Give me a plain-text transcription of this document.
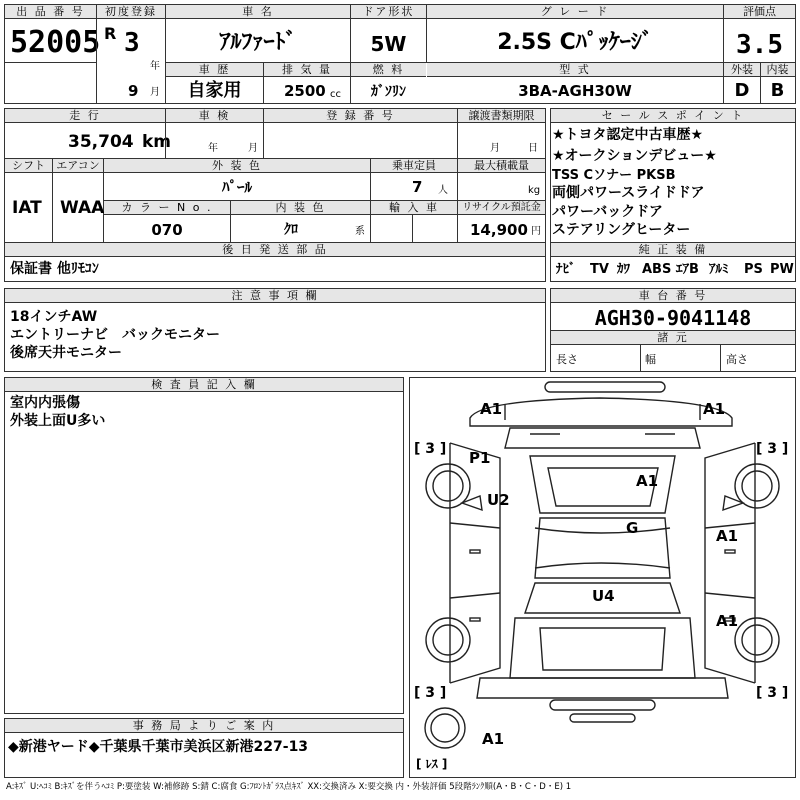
出 品 番 号
52005
初度登録
R 3
年
9 月
車 名
ｱﾙﾌｧｰﾄﾞ
ドア形状
5W
グ レ ー ド
2.5S Cﾊﾟｯｹｰｼﾞ
評価点
3.5
車 歴
自家用
排 気 量
2500 cc
燃 料
ｶﾞｿﾘﾝ
型 式
3BA-AGH30W
外装	内装
D	B
走 行
35,704 km
車 検
年	月
登 録 番 号	譲渡書類期限
月	日
シフト	エアコン
IAT WAA
外 装 色
ﾊﾟｰﾙ
乗車定員
7 人
最大積載量
kg
カ ラ ー N o .
070
内 装 色
ｸﾛ	系
輸 入 車	リサイクル預託金
14,900 円
後 日 発 送 部 品
保証書 他ﾘﾓｺﾝ
セ ー ル ス ポ イ ン ト
★トヨタ認定中古車歴★
★オークションデビュー★
TSS Cソナー PKSB
両側パワースライドドア
パワーバックドア
ステアリングヒーター
純 正 装 備
ﾅﾋﾞ TV ｶﾜ ABS ｴｱB ｱﾙﾐ PS PW
注 意 事 項 欄
18インチAW
エントリーナビ　バックモニター
後席天井モニター
車 台 番 号
AGH30-9041148
諸 元
長さ	幅	高さ
検 査 員 記 入 欄
室内内張傷
外装上面U多い
事 務 局 よ り ご 案 内
◆新港ヤード◆千葉県千葉市美浜区新港227-13
A1	A1
P1
U2
A1
G	A1
U4
A1
A1
[ 3 ]	[ 3 ]
[ 3 ]	[ 3 ]
[ ﾚｽ ]
A:ｷｽﾞ U:ﾍｺﾐ B:ｷｽﾞを伴うﾍｺﾐ P:要塗装 W:補修跡 S:錆 C:腐食 G:ﾌﾛﾝﾄｶﾞﾗｽ点ｷｽﾞ XX:交換済み X:要交換 内・外装評価 5段階ﾗﾝｸ順(A・B・C・D・E) 1
